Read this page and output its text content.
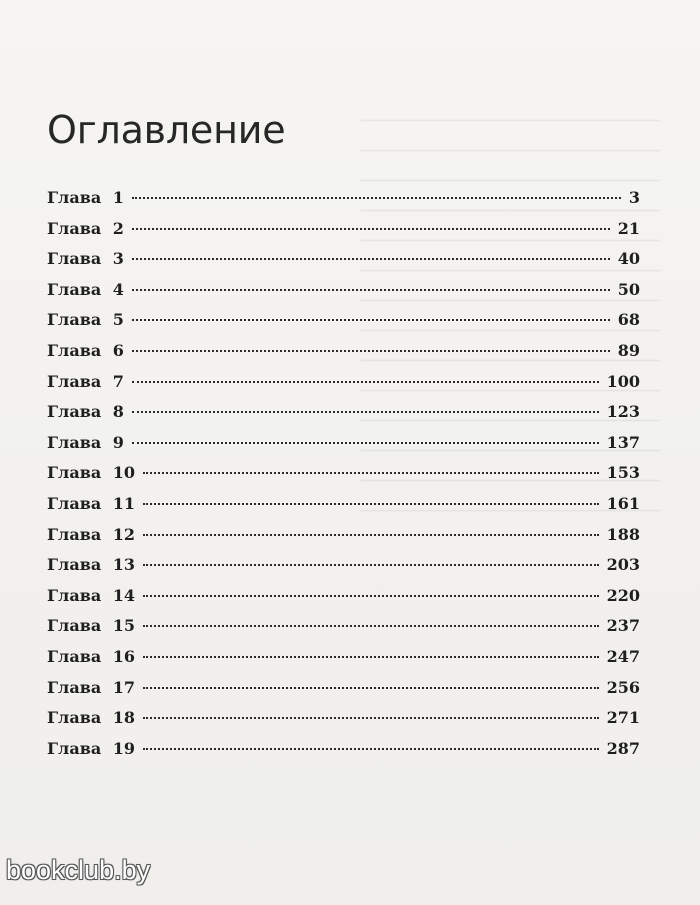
Оглавление
Глава 1	3
Глава 2	21
Глава 3	40
Глава 4	50
Глава 5	68
Глава 6	89
Глава 7	100
Глава 8	123
Глава 9	137
Глава 10	153
Глава 11	161
Глава 12	188
Глава 13	203
Глава 14	220
Глава 15	237
Глава 16	247
Глава 17	256
Глава 18	271
Глава 19	287
bookclub.by
